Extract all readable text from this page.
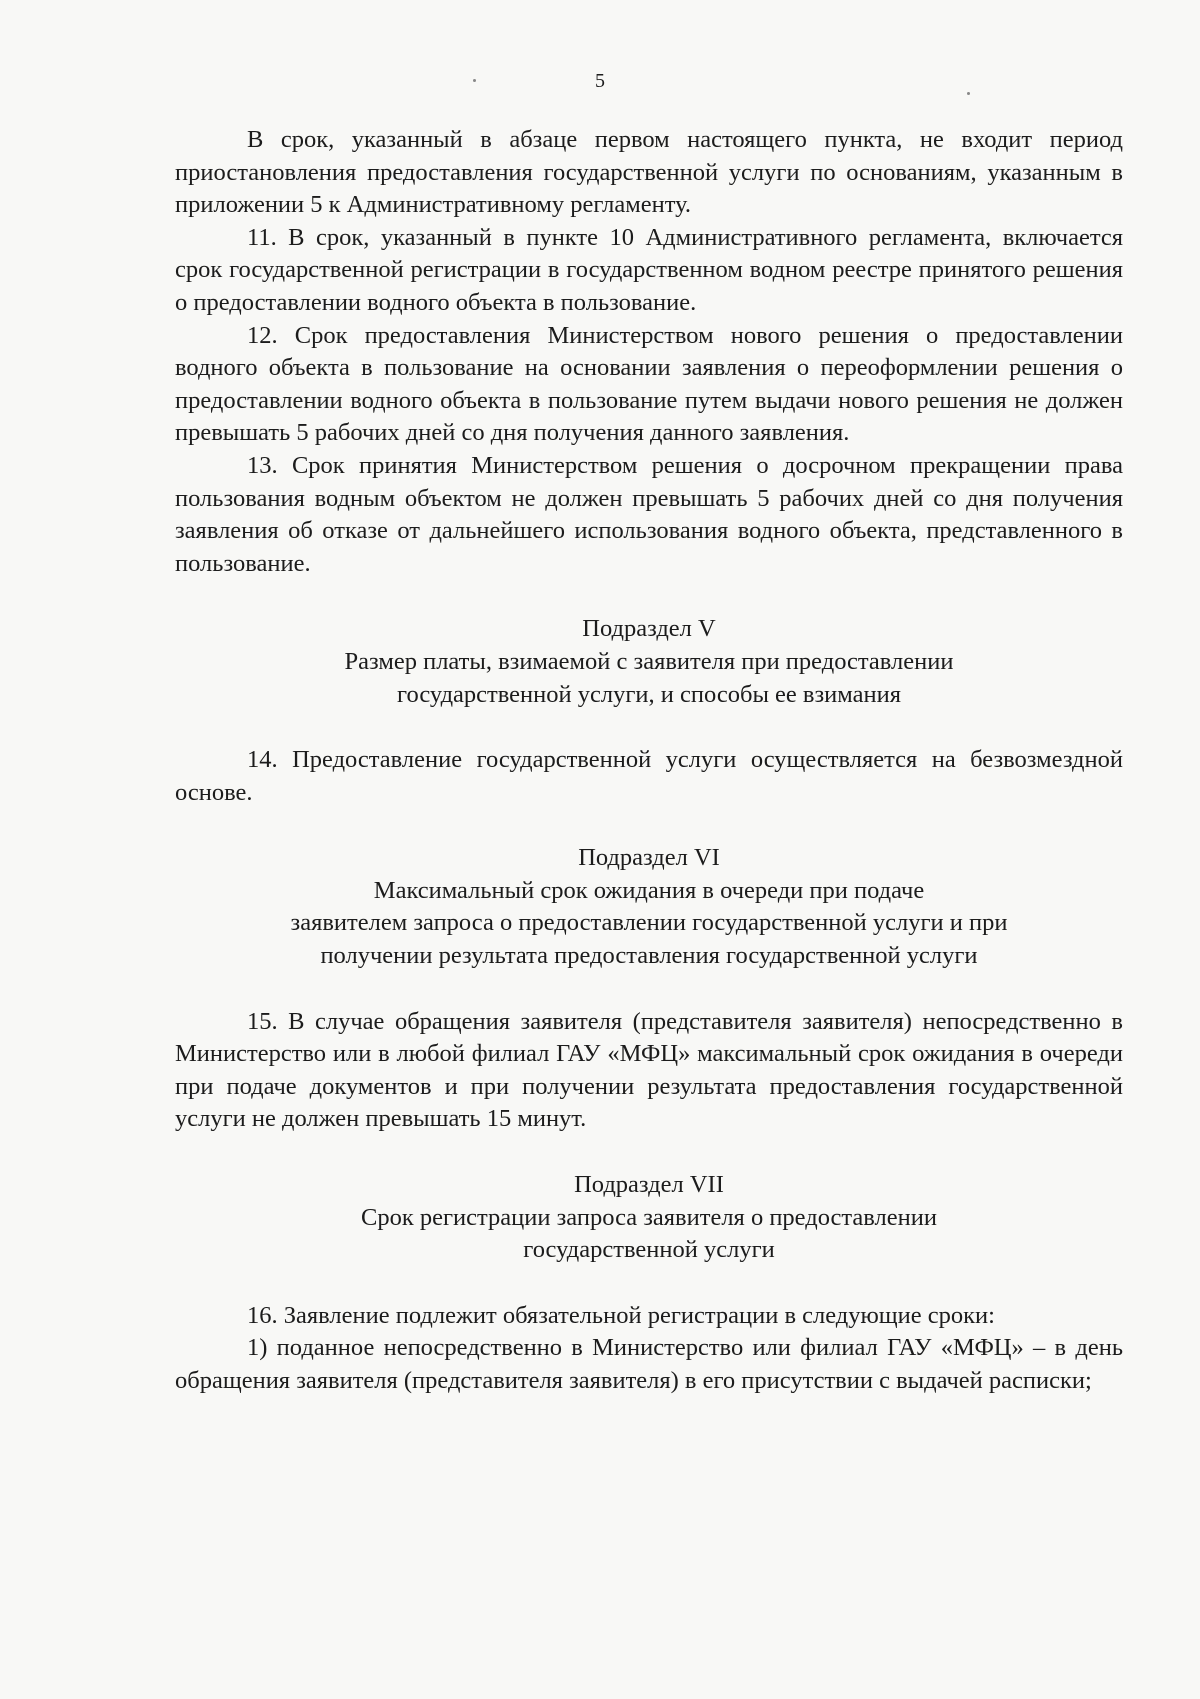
5

В срок, указанный в абзаце первом настоящего пункта, не входит период приостановления предоставления государственной услуги по основаниям, указанным в приложении 5 к Административному регламенту.

11. В срок, указанный в пункте 10 Административного регламента, включается срок государственной регистрации в государственном водном реестре принятого решения о предоставлении водного объекта в пользование.

12. Срок предоставления Министерством нового решения о предоставлении водного объекта в пользование на основании заявления о переоформлении решения о предоставлении водного объекта в пользование путем выдачи нового решения не должен превышать 5 рабочих дней со дня получения данного заявления.

13. Срок принятия Министерством решения о досрочном прекращении права пользования водным объектом не должен превышать 5 рабочих дней со дня получения заявления об отказе от дальнейшего использования водного объекта, представленного в пользование.

Подраздел V

Размер платы, взимаемой с заявителя при предоставлении

государственной услуги, и способы ее взимания

14. Предоставление государственной услуги осуществляется на безвозмездной основе.

Подраздел VI

Максимальный срок ожидания в очереди при подаче

заявителем запроса о предоставлении государственной услуги и при

получении результата предоставления государственной услуги

15. В случае обращения заявителя (представителя заявителя) непосредственно в Министерство или в любой филиал ГАУ «МФЦ» максимальный срок ожидания в очереди при подаче документов и при получении результата предоставления государственной услуги не должен превышать 15 минут.

Подраздел VII

Срок регистрации запроса заявителя о предоставлении

государственной услуги

16. Заявление подлежит обязательной регистрации в следующие сроки:

1) поданное непосредственно в Министерство или филиал ГАУ «МФЦ» – в день обращения заявителя (представителя заявителя) в его присутствии с выдачей расписки;
